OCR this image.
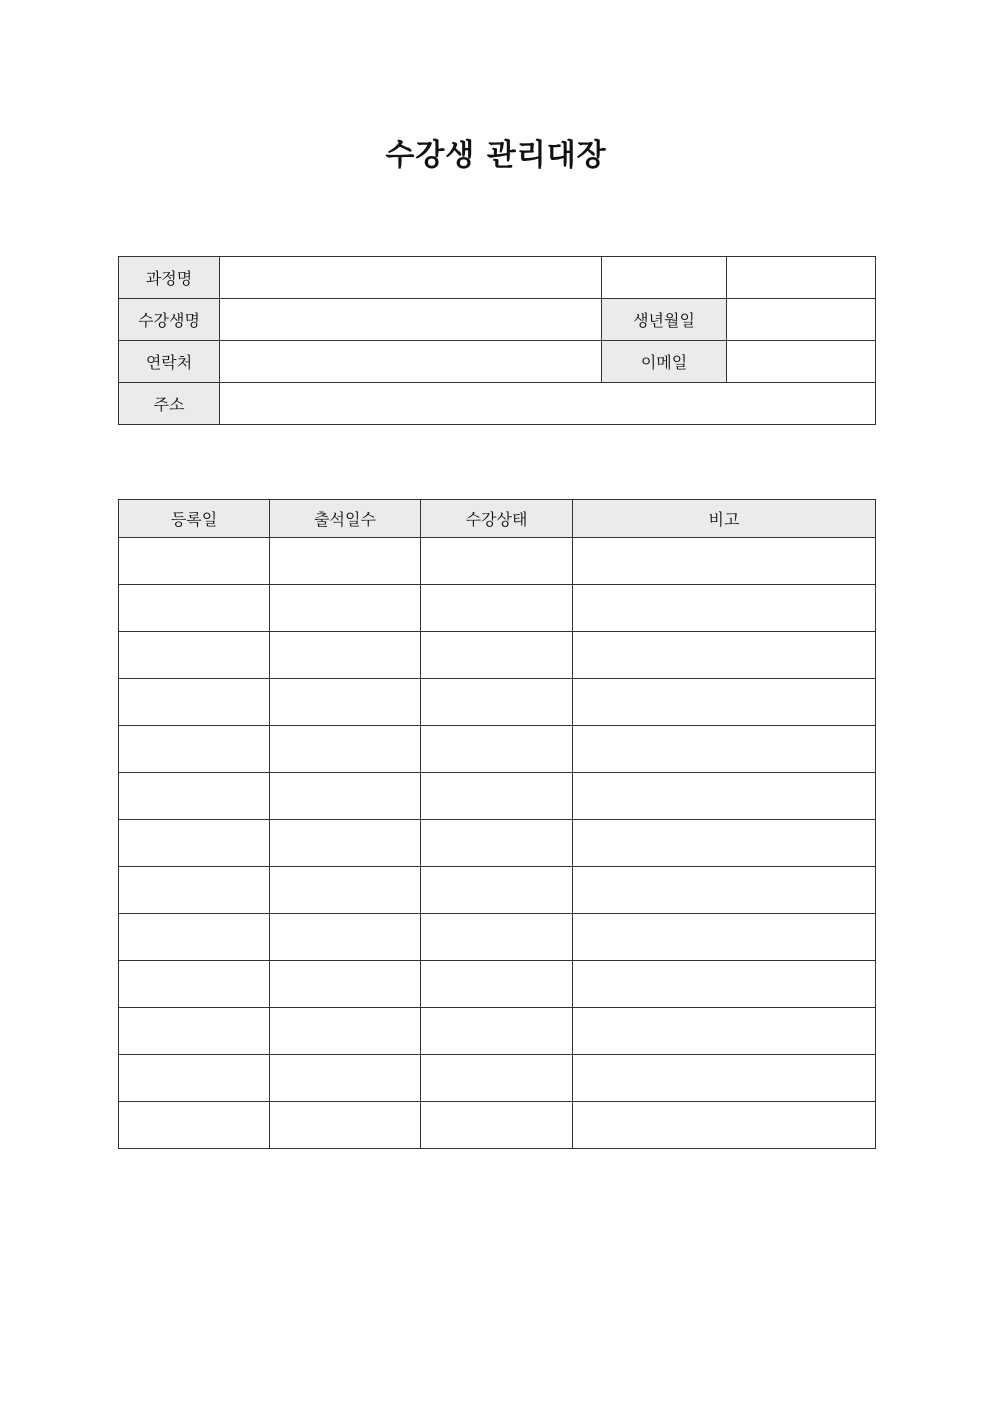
수강생 관리대장
과정명			
수강생명		생년월일	
연락처		이메일	
주소			
등록일	출석일수	수강상태	비고
